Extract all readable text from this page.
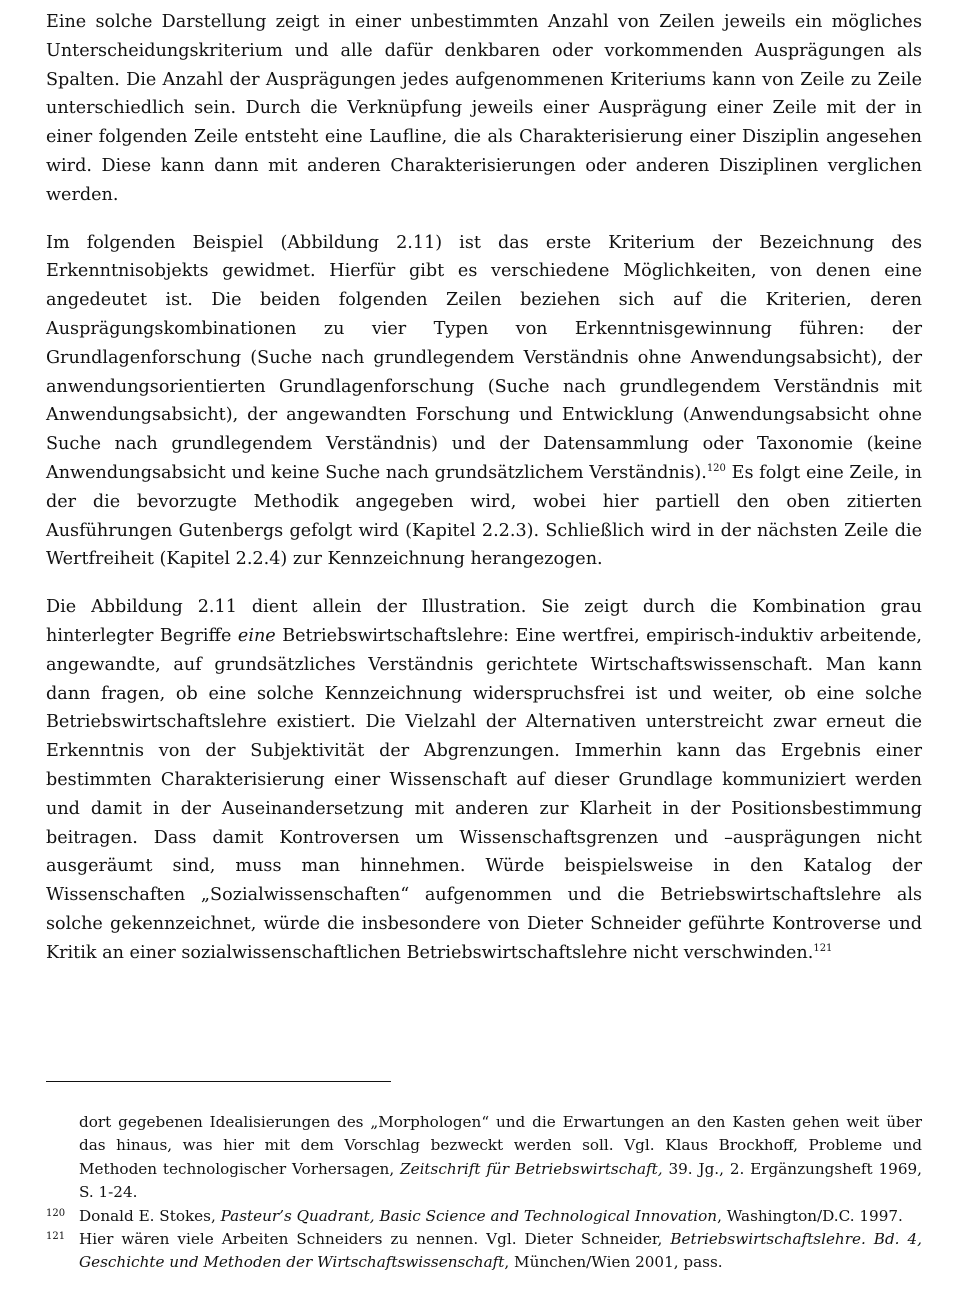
Eine solche Darstellung zeigt in einer unbestimmten Anzahl von Zeilen jeweils ein mögliches Unterscheidungskriterium und alle dafür denkbaren oder vorkommenden Ausprägungen als Spalten. Die Anzahl der Ausprägungen jedes aufgenommenen Kriteriums kann von Zeile zu Zeile unterschiedlich sein. Durch die Verknüpfung jeweils einer Ausprägung einer Zeile mit der in einer folgenden Zeile entsteht eine Laufline, die als Charakterisierung einer Disziplin angesehen wird. Diese kann dann mit anderen Charakterisierungen oder anderen Disziplinen verglichen werden.

Im folgenden Beispiel (Abbildung 2.11) ist das erste Kriterium der Bezeichnung des Erkenntnisobjekts gewidmet. Hierfür gibt es verschiedene Möglichkeiten, von denen eine angedeutet ist. Die beiden folgenden Zeilen beziehen sich auf die Kriterien, deren Ausprägungskombinationen zu vier Typen von Erkenntnisgewinnung führen: der Grundlagenforschung (Suche nach grundlegendem Verständnis ohne Anwendungsabsicht), der anwendungsorientierten Grundlagenforschung (Suche nach grundlegendem Verständnis mit Anwendungsabsicht), der angewandten Forschung und Entwicklung (Anwendungsabsicht ohne Suche nach grundlegendem Verständnis) und der Datensammlung oder Taxonomie (keine Anwendungsabsicht und keine Suche nach grundsätzlichem Verständnis).$^{120}$ Es folgt eine Zeile, in der die bevorzugte Methodik angegeben wird, wobei hier partiell den oben zitierten Ausführungen Gutenbergs gefolgt wird (Kapitel 2.2.3). Schließlich wird in der nächsten Zeile die Wertfreiheit (Kapitel 2.2.4) zur Kennzeichnung herangezogen.

Die Abbildung 2.11 dient allein der Illustration. Sie zeigt durch die Kombination grau hinterlegter Begriffe eine Betriebswirtschaftslehre: Eine wertfrei, empirisch-induktiv arbeitende, angewandte, auf grundsätzliches Verständnis gerichtete Wirtschaftswissenschaft. Man kann dann fragen, ob eine solche Kennzeichnung widerspruchsfrei ist und weiter, ob eine solche Betriebswirtschaftslehre existiert. Die Vielzahl der Alternativen unterstreicht zwar erneut die Erkenntnis von der Subjektivität der Abgrenzungen. Immerhin kann das Ergebnis einer bestimmten Charakterisierung einer Wissenschaft auf dieser Grundlage kommuniziert werden und damit in der Auseinandersetzung mit anderen zur Klarheit in der Positionsbestimmung beitragen. Dass damit Kontroversen um Wissenschaftsgrenzen und –ausprägungen nicht ausgeräumt sind, muss man hinnehmen. Würde beispielsweise in den Katalog der Wissenschaften „Sozialwissenschaften“ aufgenommen und die Betriebswirtschaftslehre als solche gekennzeichnet, würde die insbesondere von Dieter Schneider geführte Kontroverse und Kritik an einer sozialwissenschaftlichen Betriebswirtschaftslehre nicht verschwinden.$^{121}$

dort gegebenen Idealisierungen des „Morphologen“ und die Erwartungen an den Kasten gehen weit über das hinaus, was hier mit dem Vorschlag bezweckt werden soll. Vgl. Klaus Brockhoff, Probleme und Methoden technologischer Vorhersagen, Zeitschrift für Betriebswirtschaft, 39. Jg., 2. Ergänzungsheft 1969, S. 1-24.
120 Donald E. Stokes, Pasteur’s Quadrant, Basic Science and Technological Innovation, Washington/D.C. 1997.
121 Hier wären viele Arbeiten Schneiders zu nennen. Vgl. Dieter Schneider, Betriebswirtschaftslehre. Bd. 4, Geschichte und Methoden der Wirtschaftswissenschaft, München/Wien 2001, pass.
